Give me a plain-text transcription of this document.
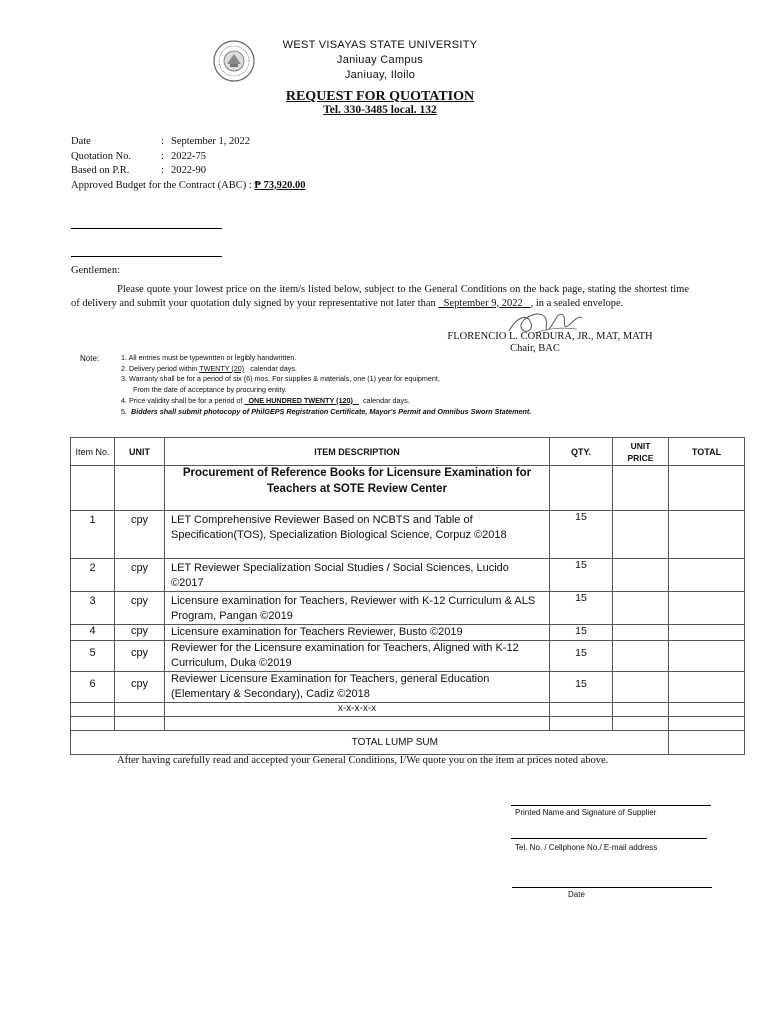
WEST VISAYAS STATE UNIVERSITY
Janiuay Campus
Janiuay, Iloilo
REQUEST FOR QUOTATION
Tel. 330-3485 local. 132
Date	: September 1, 2022
Quotation No.	: 2022-75
Based on P.R.	: 2022-90
Approved Budget for the Contract (ABC) :
₱ 73,920.00
Gentlemen:
Please quote your lowest price on the item/s listed below, subject to the General Conditions on the back page, stating the shortest time of delivery and submit your quotation duly signed by your representative not later than September 9, 2022 , in a sealed envelope.
FLORENCIO L. CORDURA, JR., MAT, MATH
Chair, BAC
Note:	1. All entries must be typewritten or legibly handwritten.
2. Delivery period within TWENTY (20) calendar days.
3. Warranty shall be for a period of six (6) mos. For supplies & materials, one (1) year for equipment,
From the date of acceptance by procuring entity.
4. Price validity shall be for a period of ONE HUNDRED TWENTY (120) calendar days.
5. Bidders shall submit photocopy of PhilGEPS Registration Certificate, Mayor's Permit and Omnibus Sworn Statement.
Item No.	UNIT	ITEM DESCRIPTION	QTY.	UNIT PRICE	TOTAL
		Procurement of Reference Books for Licensure Examination for Teachers at SOTE Review Center			
1	cpy	LET Comprehensive Reviewer Based on NCBTS and Table of Specification(TOS), Specialization Biological Science, Corpuz ©2018	15		
2	cpy	LET Reviewer Specialization Social Studies / Social Sciences, Lucido ©2017	15		
3	cpy	Licensure examination for Teachers, Reviewer with K-12 Curriculum & ALS Program, Pangan ©2019	15		
4	cpy	Licensure examination for Teachers Reviewer, Busto ©2019	15		
5	cpy	Reviewer for the Licensure examination for Teachers, Aligned with K-12 Curriculum, Duka ©2019	15		
6	cpy	Reviewer Licensure Examination for Teachers, general Education (Elementary & Secondary), Cadiz ©2018	15		
		x-x-x-x-x			

TOTAL LUMP SUM					
After having carefully read and accepted your General Conditions, I/We quote you on the item at prices noted above.
Printed Name and Signature of Supplier
Tel. No. / Cellphone No./ E-mail address
Date
